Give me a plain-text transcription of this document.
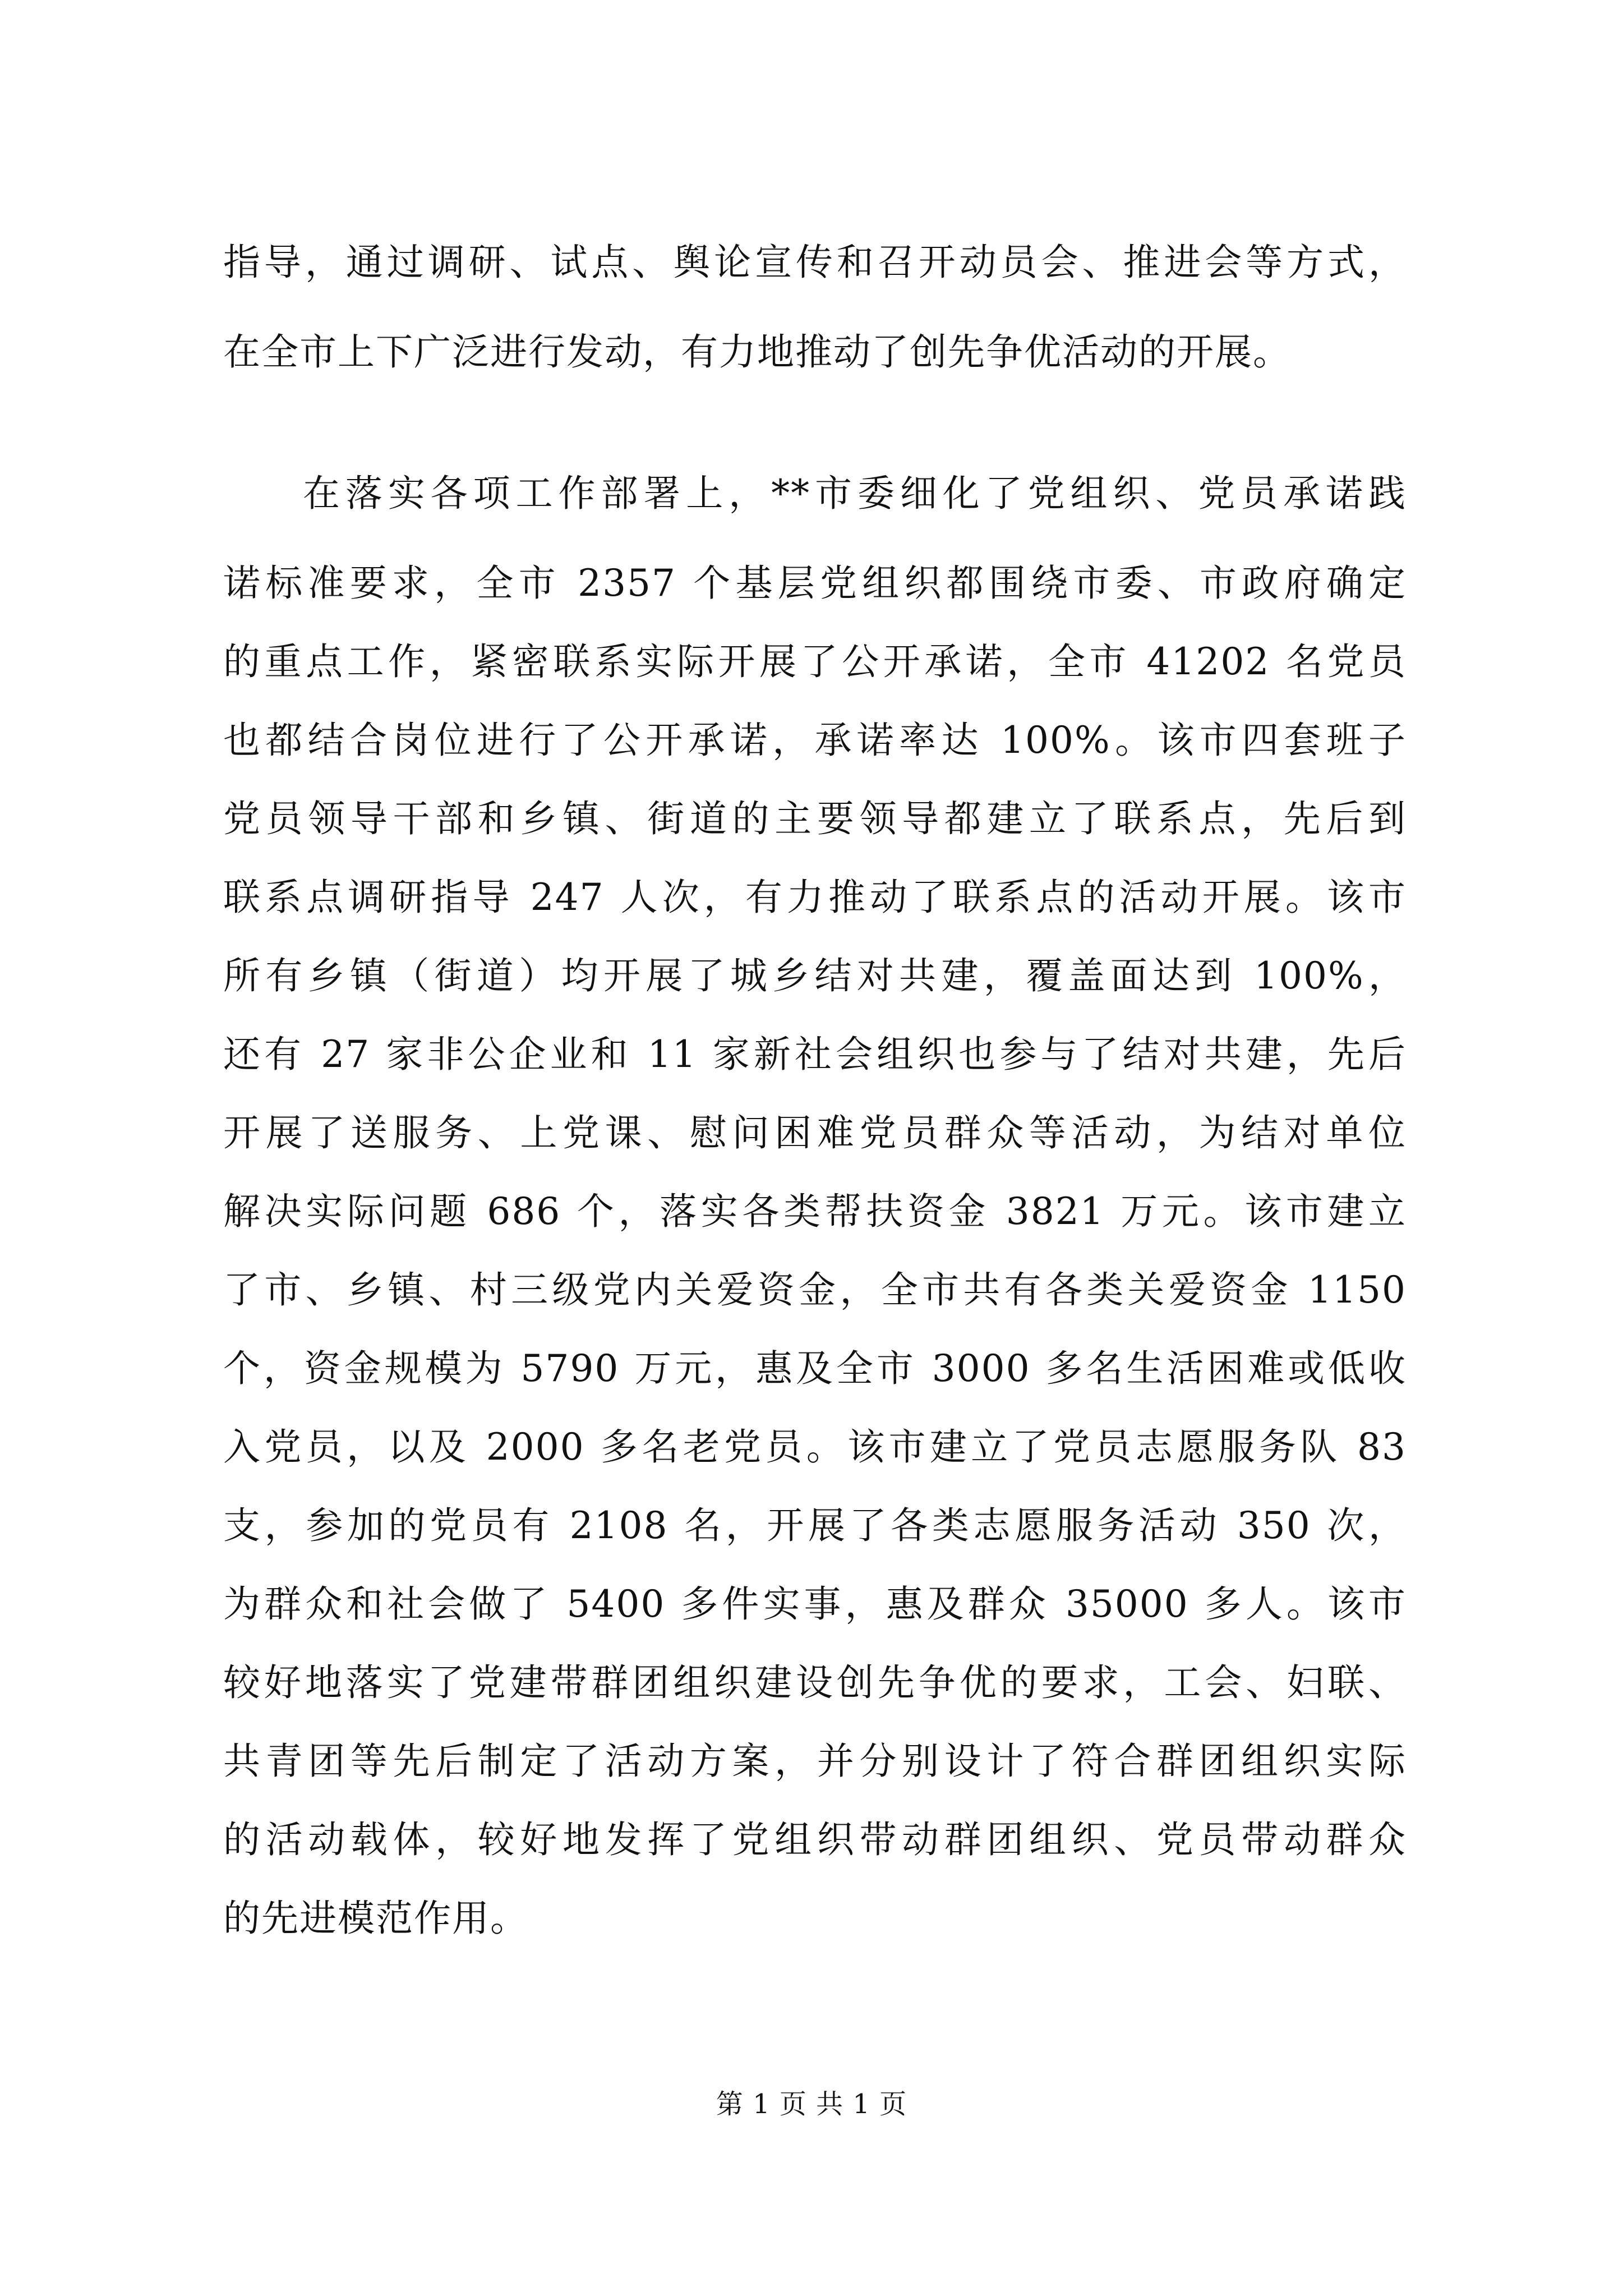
指导，通过调研、试点、舆论宣传和召开动员会、推进会等方式，
在全市上下广泛进行发动，有力地推动了创先争优活动的开展。
在落实各项工作部署上，**市委细化了党组织、党员承诺践
诺标准要求，全市 2357 个基层党组织都围绕市委、市政府确定
的重点工作，紧密联系实际开展了公开承诺，全市 41202 名党员
也都结合岗位进行了公开承诺，承诺率达 100%。该市四套班子
党员领导干部和乡镇、街道的主要领导都建立了联系点，先后到
联系点调研指导 247 人次，有力推动了联系点的活动开展。该市
所有乡镇（街道）均开展了城乡结对共建，覆盖面达到 100%，
还有 27 家非公企业和 11 家新社会组织也参与了结对共建，先后
开展了送服务、上党课、慰问困难党员群众等活动，为结对单位
解决实际问题 686 个，落实各类帮扶资金 3821 万元。该市建立
了市、乡镇、村三级党内关爱资金，全市共有各类关爱资金 1150
个，资金规模为 5790 万元，惠及全市 3000 多名生活困难或低收
入党员，以及 2000 多名老党员。该市建立了党员志愿服务队 83
支，参加的党员有 2108 名，开展了各类志愿服务活动 350 次，
为群众和社会做了 5400 多件实事，惠及群众 35000 多人。该市
较好地落实了党建带群团组织建设创先争优的要求，工会、妇联、
共青团等先后制定了活动方案，并分别设计了符合群团组织实际
的活动载体，较好地发挥了党组织带动群团组织、党员带动群众
的先进模范作用。
第 1 页 共 1 页
